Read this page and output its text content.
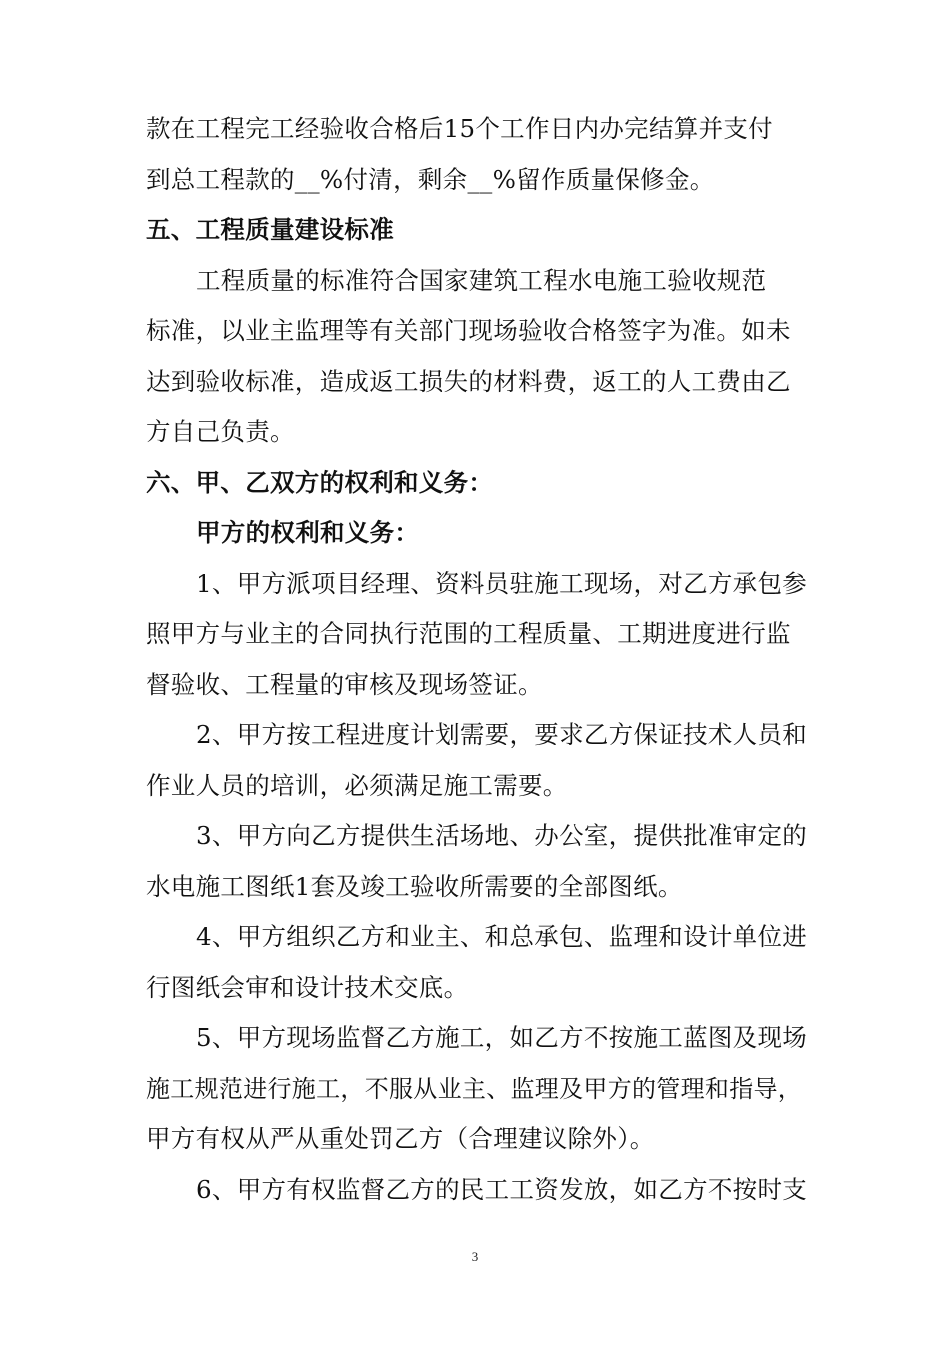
款在工程完工经验收合格后15个工作日内办完结算并支付
到总工程款的__%付清，剩余__%留作质量保修金。
五、工程质量建设标准
工程质量的标准符合国家建筑工程水电施工验收规范
标准，以业主监理等有关部门现场验收合格签字为准。如未
达到验收标准，造成返工损失的材料费，返工的人工费由乙
方自己负责。
六、甲、乙双方的权利和义务：
甲方的权利和义务：
1、甲方派项目经理、资料员驻施工现场，对乙方承包参
照甲方与业主的合同执行范围的工程质量、工期进度进行监
督验收、工程量的审核及现场签证。
2、甲方按工程进度计划需要，要求乙方保证技术人员和
作业人员的培训，必须满足施工需要。
3、甲方向乙方提供生活场地、办公室，提供批准审定的
水电施工图纸1套及竣工验收所需要的全部图纸。
4、甲方组织乙方和业主、和总承包、监理和设计单位进
行图纸会审和设计技术交底。
5、甲方现场监督乙方施工，如乙方不按施工蓝图及现场
施工规范进行施工，不服从业主、监理及甲方的管理和指导，
甲方有权从严从重处罚乙方（合理建议除外）。
6、甲方有权监督乙方的民工工资发放，如乙方不按时支
3
